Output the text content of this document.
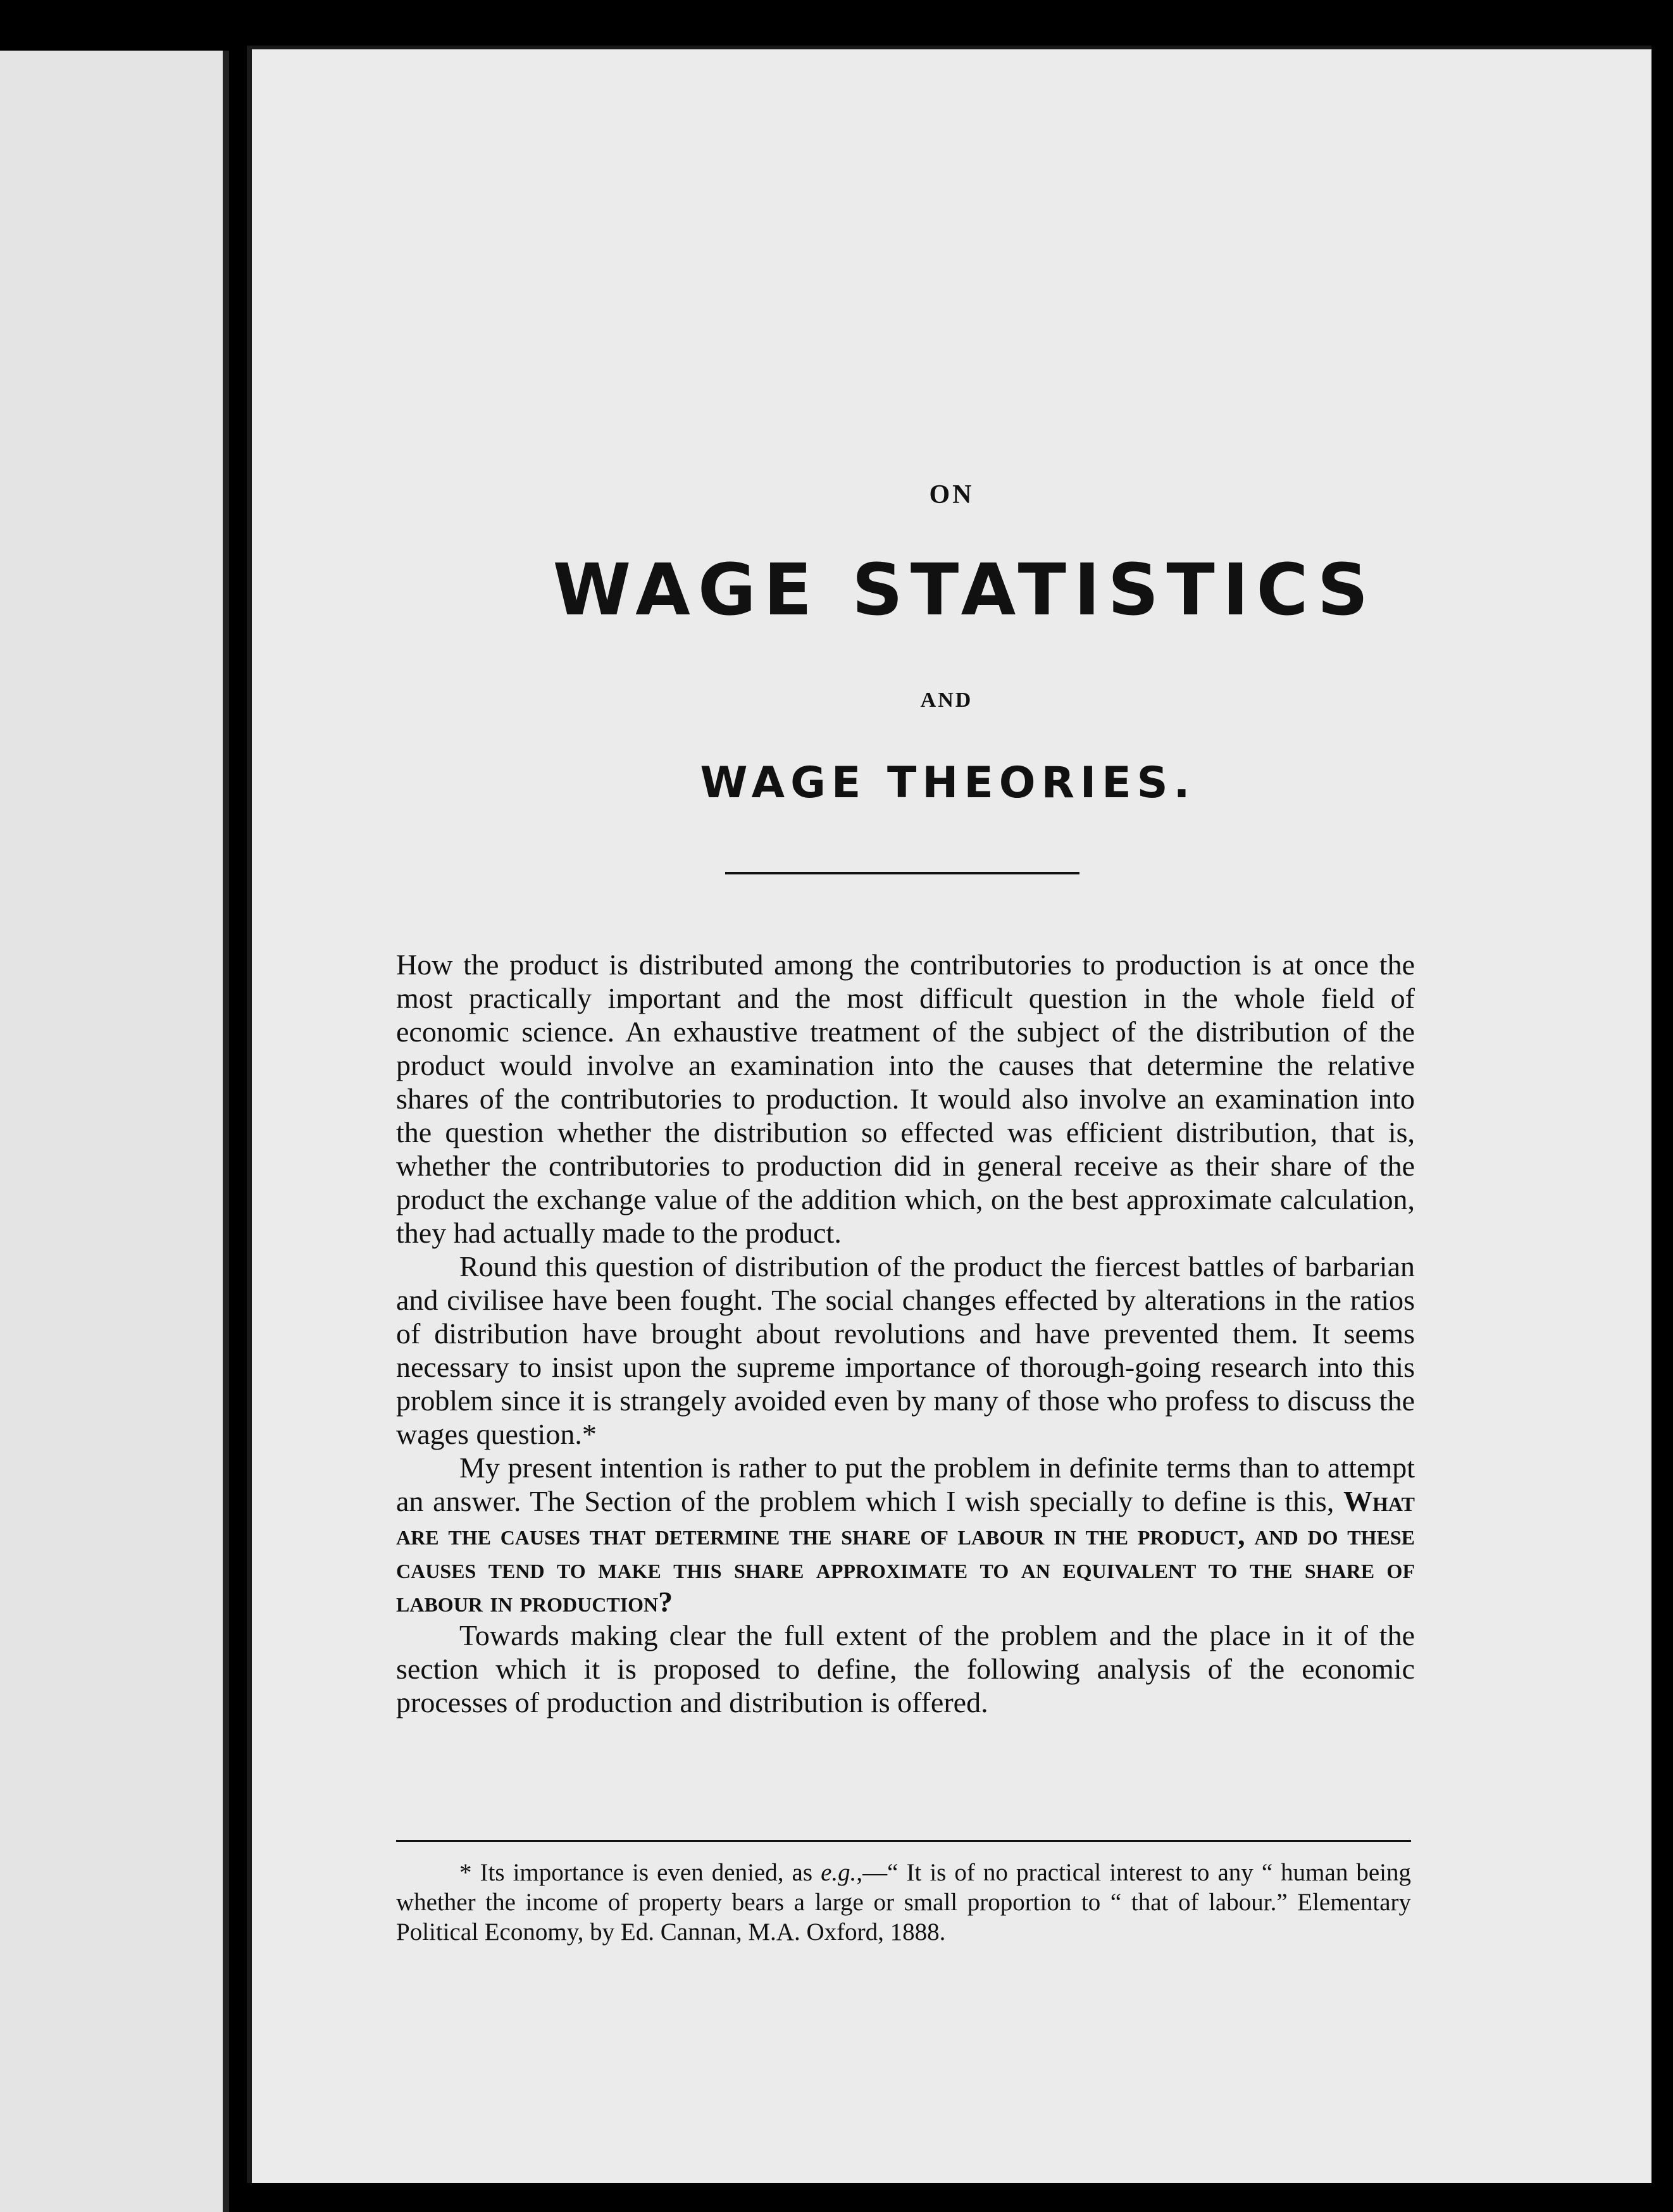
ON
WAGE STATISTICS
AND
WAGE THEORIES.

How the product is distributed among the contributories to production is at once the most practically important and the most difficult question in the whole field of economic science. An exhaustive treatment of the subject of the distribution of the product would involve an examination into the causes that determine the relative shares of the contributories to production. It would also involve an examination into the question whether the distribution so effected was efficient distribution, that is, whether the contributories to production did in general receive as their share of the product the exchange value of the addition which, on the best approximate calculation, they had actually made to the product.

Round this question of distribution of the product the fiercest battles of barbarian and civilisee have been fought. The social changes effected by alterations in the ratios of distribution have brought about revolutions and have prevented them. It seems necessary to insist upon the supreme importance of thorough-going research into this problem since it is strangely avoided even by many of those who profess to discuss the wages question.*

My present intention is rather to put the problem in definite terms than to attempt an answer. The Section of the problem which I wish specially to define is this, What are the causes that determine the share of labour in the product, and do these causes tend to make this share approximate to an equivalent to the share of labour in production?

Towards making clear the full extent of the problem and the place in it of the section which it is proposed to define, the following analysis of the economic processes of production and distribution is offered.

* Its importance is even denied, as e.g.,—“ It is of no practical interest to any “ human being whether the income of property bears a large or small proportion to “ that of labour.” Elementary Political Economy, by Ed. Cannan, M.A. Oxford, 1888.
